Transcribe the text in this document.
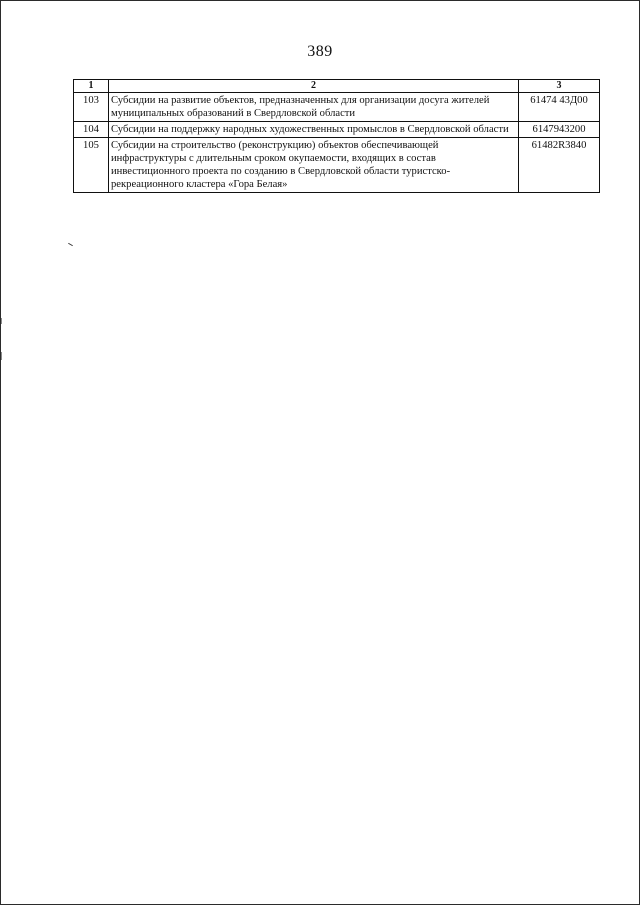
389
1	2	3
103	Субсидии на развитие объектов, предназначенных для организации досуга жителей муниципальных образований в Свердловской области	61474 43Д00
104	Субсидии на поддержку народных художественных промыслов в Свердловской области	6147943200
105	Субсидии на строительство (реконструкцию) объектов обеспечивающей инфраструктуры с длительным сроком окупаемости, входящих в состав инвестиционного проекта по созданию в Свердловской области туристско-рекреационного кластера «Гора Белая»	61482R3840
